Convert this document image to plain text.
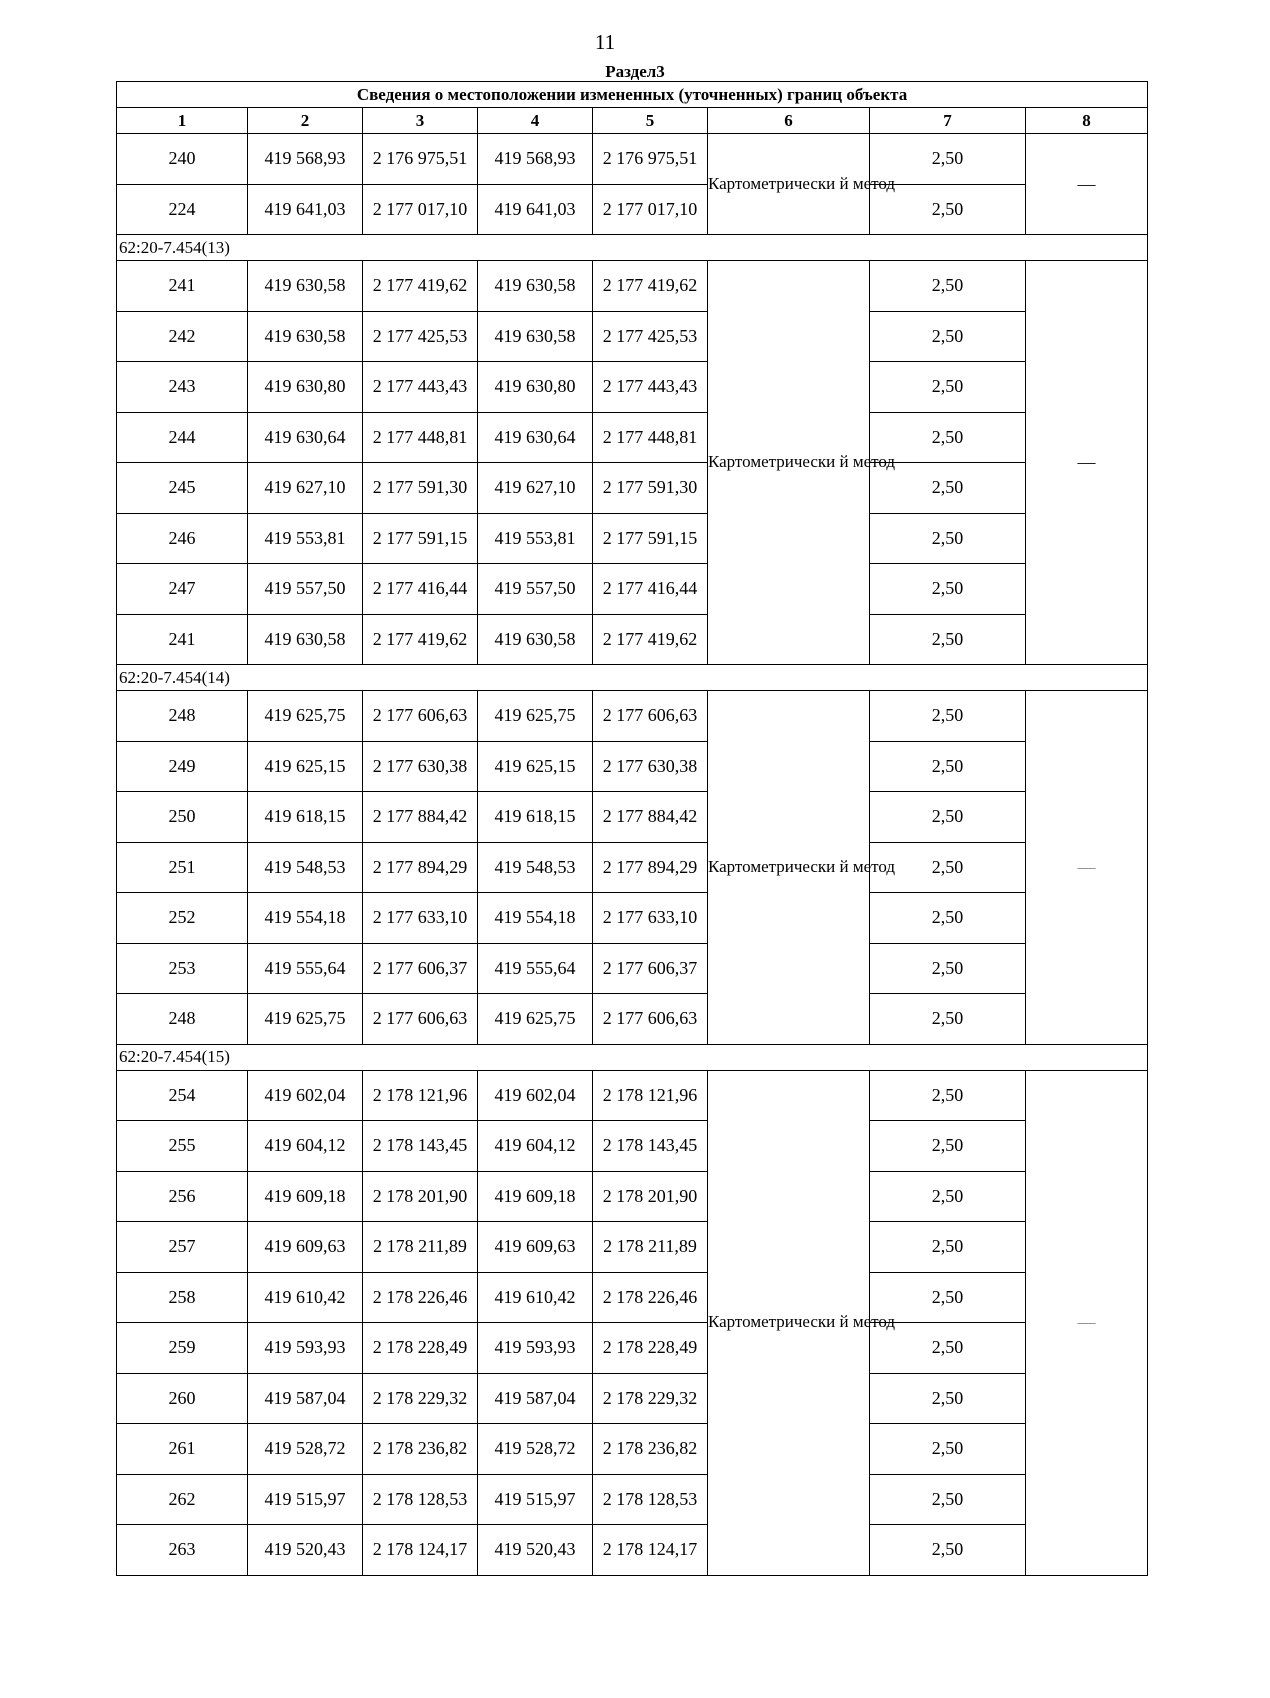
11
Раздел3
Сведения о местоположении измененных (уточненных) границ объекта							
1	2	3	4	5	6	7	8
240	419 568,93	2 176 975,51	419 568,93	2 176 975,51	Картометрически й метод	2,50	—
224	419 641,03	2 177 017,10	419 641,03	2 177 017,10		2,50	
62:20-7.454(13)							
241	419 630,58	2 177 419,62	419 630,58	2 177 419,62	Картометрически й метод	2,50	—
242	419 630,58	2 177 425,53	419 630,58	2 177 425,53		2,50	
243	419 630,80	2 177 443,43	419 630,80	2 177 443,43		2,50	
244	419 630,64	2 177 448,81	419 630,64	2 177 448,81		2,50	
245	419 627,10	2 177 591,30	419 627,10	2 177 591,30		2,50	
246	419 553,81	2 177 591,15	419 553,81	2 177 591,15		2,50	
247	419 557,50	2 177 416,44	419 557,50	2 177 416,44		2,50	
241	419 630,58	2 177 419,62	419 630,58	2 177 419,62		2,50	
62:20-7.454(14)							
248	419 625,75	2 177 606,63	419 625,75	2 177 606,63	Картометрически й метод	2,50	—
249	419 625,15	2 177 630,38	419 625,15	2 177 630,38		2,50	
250	419 618,15	2 177 884,42	419 618,15	2 177 884,42		2,50	
251	419 548,53	2 177 894,29	419 548,53	2 177 894,29		2,50	
252	419 554,18	2 177 633,10	419 554,18	2 177 633,10		2,50	
253	419 555,64	2 177 606,37	419 555,64	2 177 606,37		2,50	
248	419 625,75	2 177 606,63	419 625,75	2 177 606,63		2,50	
62:20-7.454(15)							
254	419 602,04	2 178 121,96	419 602,04	2 178 121,96	Картометрически й метод	2,50	—
255	419 604,12	2 178 143,45	419 604,12	2 178 143,45		2,50	
256	419 609,18	2 178 201,90	419 609,18	2 178 201,90		2,50	
257	419 609,63	2 178 211,89	419 609,63	2 178 211,89		2,50	
258	419 610,42	2 178 226,46	419 610,42	2 178 226,46		2,50	
259	419 593,93	2 178 228,49	419 593,93	2 178 228,49		2,50	
260	419 587,04	2 178 229,32	419 587,04	2 178 229,32		2,50	
261	419 528,72	2 178 236,82	419 528,72	2 178 236,82		2,50	
262	419 515,97	2 178 128,53	419 515,97	2 178 128,53		2,50	
263	419 520,43	2 178 124,17	419 520,43	2 178 124,17		2,50	
